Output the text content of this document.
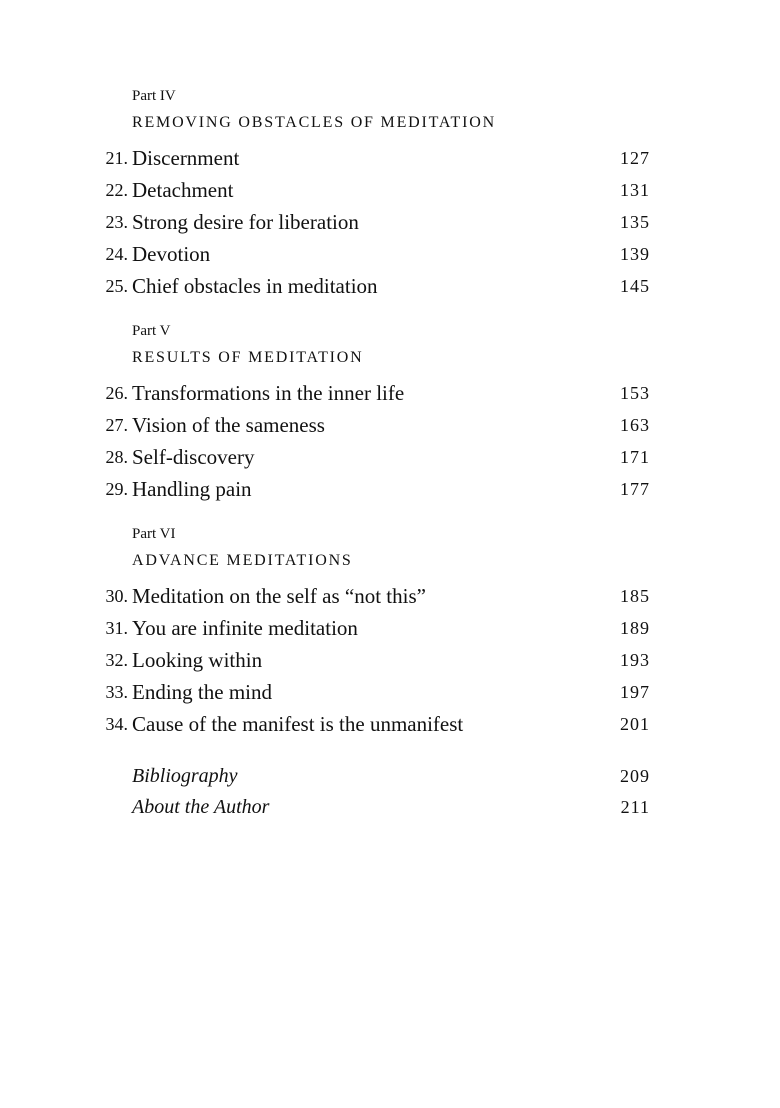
Part IV
REMOVING OBSTACLES OF MEDITATION
21. Discernment	127
22. Detachment	131
23. Strong desire for liberation	135
24. Devotion	139
25. Chief obstacles in meditation	145
Part V
RESULTS OF MEDITATION
26. Transformations in the inner life	153
27. Vision of the sameness	163
28. Self-discovery	171
29. Handling pain	177
Part VI
ADVANCE MEDITATIONS
30. Meditation on the self as “not this”	185
31. You are infinite meditation	189
32. Looking within	193
33. Ending the mind	197
34. Cause of the manifest is the unmanifest	201
Bibliography	209
About the Author	211
